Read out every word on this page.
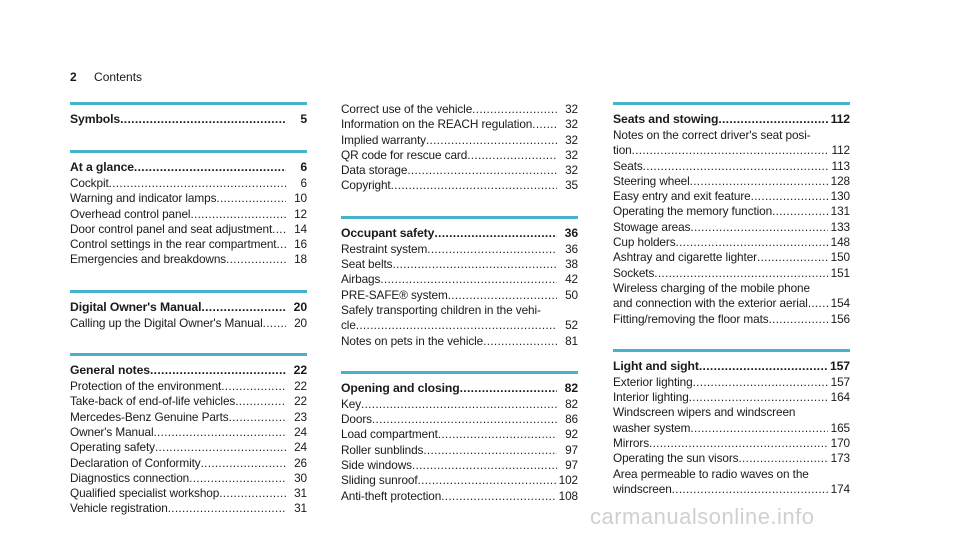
2 Contents
Symbols .....	5
At a glance .....	6
Cockpit .....	6
Warning and indicator lamps .....	10
Overhead control panel .....	12
Door control panel and seat adjustment .....	14
Control settings in the rear compartment .....	16
Emergencies and breakdowns .....	18
Digital Owner's Manual .....	20
Calling up the Digital Owner's Manual .....	20
General notes .....	22
Protection of the environment .....	22
Take-back of end-of-life vehicles .....	22
Mercedes-Benz Genuine Parts .....	23
Owner's Manual .....	24
Operating safety .....	24
Declaration of Conformity .....	26
Diagnostics connection .....	30
Qualified specialist workshop .....	31
Vehicle registration .....	31
Correct use of the vehicle .....	32
Information on the REACH regulation .....	32
Implied warranty .....	32
QR code for rescue card .....	32
Data storage .....	32
Copyright .....	35
Occupant safety .....	36
Restraint system .....	36
Seat belts .....	38
Airbags .....	42
PRE-SAFE® system .....	50
Safely transporting children in the vehi-
cle .....	52
Notes on pets in the vehicle .....	81
Opening and closing .....	82
Key .....	82
Doors .....	86
Load compartment .....	92
Roller sunblinds .....	97
Side windows .....	97
Sliding sunroof .....	102
Anti-theft protection .....	108
Seats and stowing .....	112
Notes on the correct driver's seat posi-
tion .....	112
Seats .....	113
Steering wheel .....	128
Easy entry and exit feature .....	130
Operating the memory function .....	131
Stowage areas .....	133
Cup holders .....	148
Ashtray and cigarette lighter .....	150
Sockets .....	151
Wireless charging of the mobile phone
and connection with the exterior aerial ..... 154
Fitting/removing the floor mats .....	156
Light and sight .....	157
Exterior lighting .....	157
Interior lighting .....	164
Windscreen wipers and windscreen
washer system .....	165
Mirrors .....	170
Operating the sun visors .....	173
Area permeable to radio waves on the
windscreen .....	174
carmanualsonline.info
